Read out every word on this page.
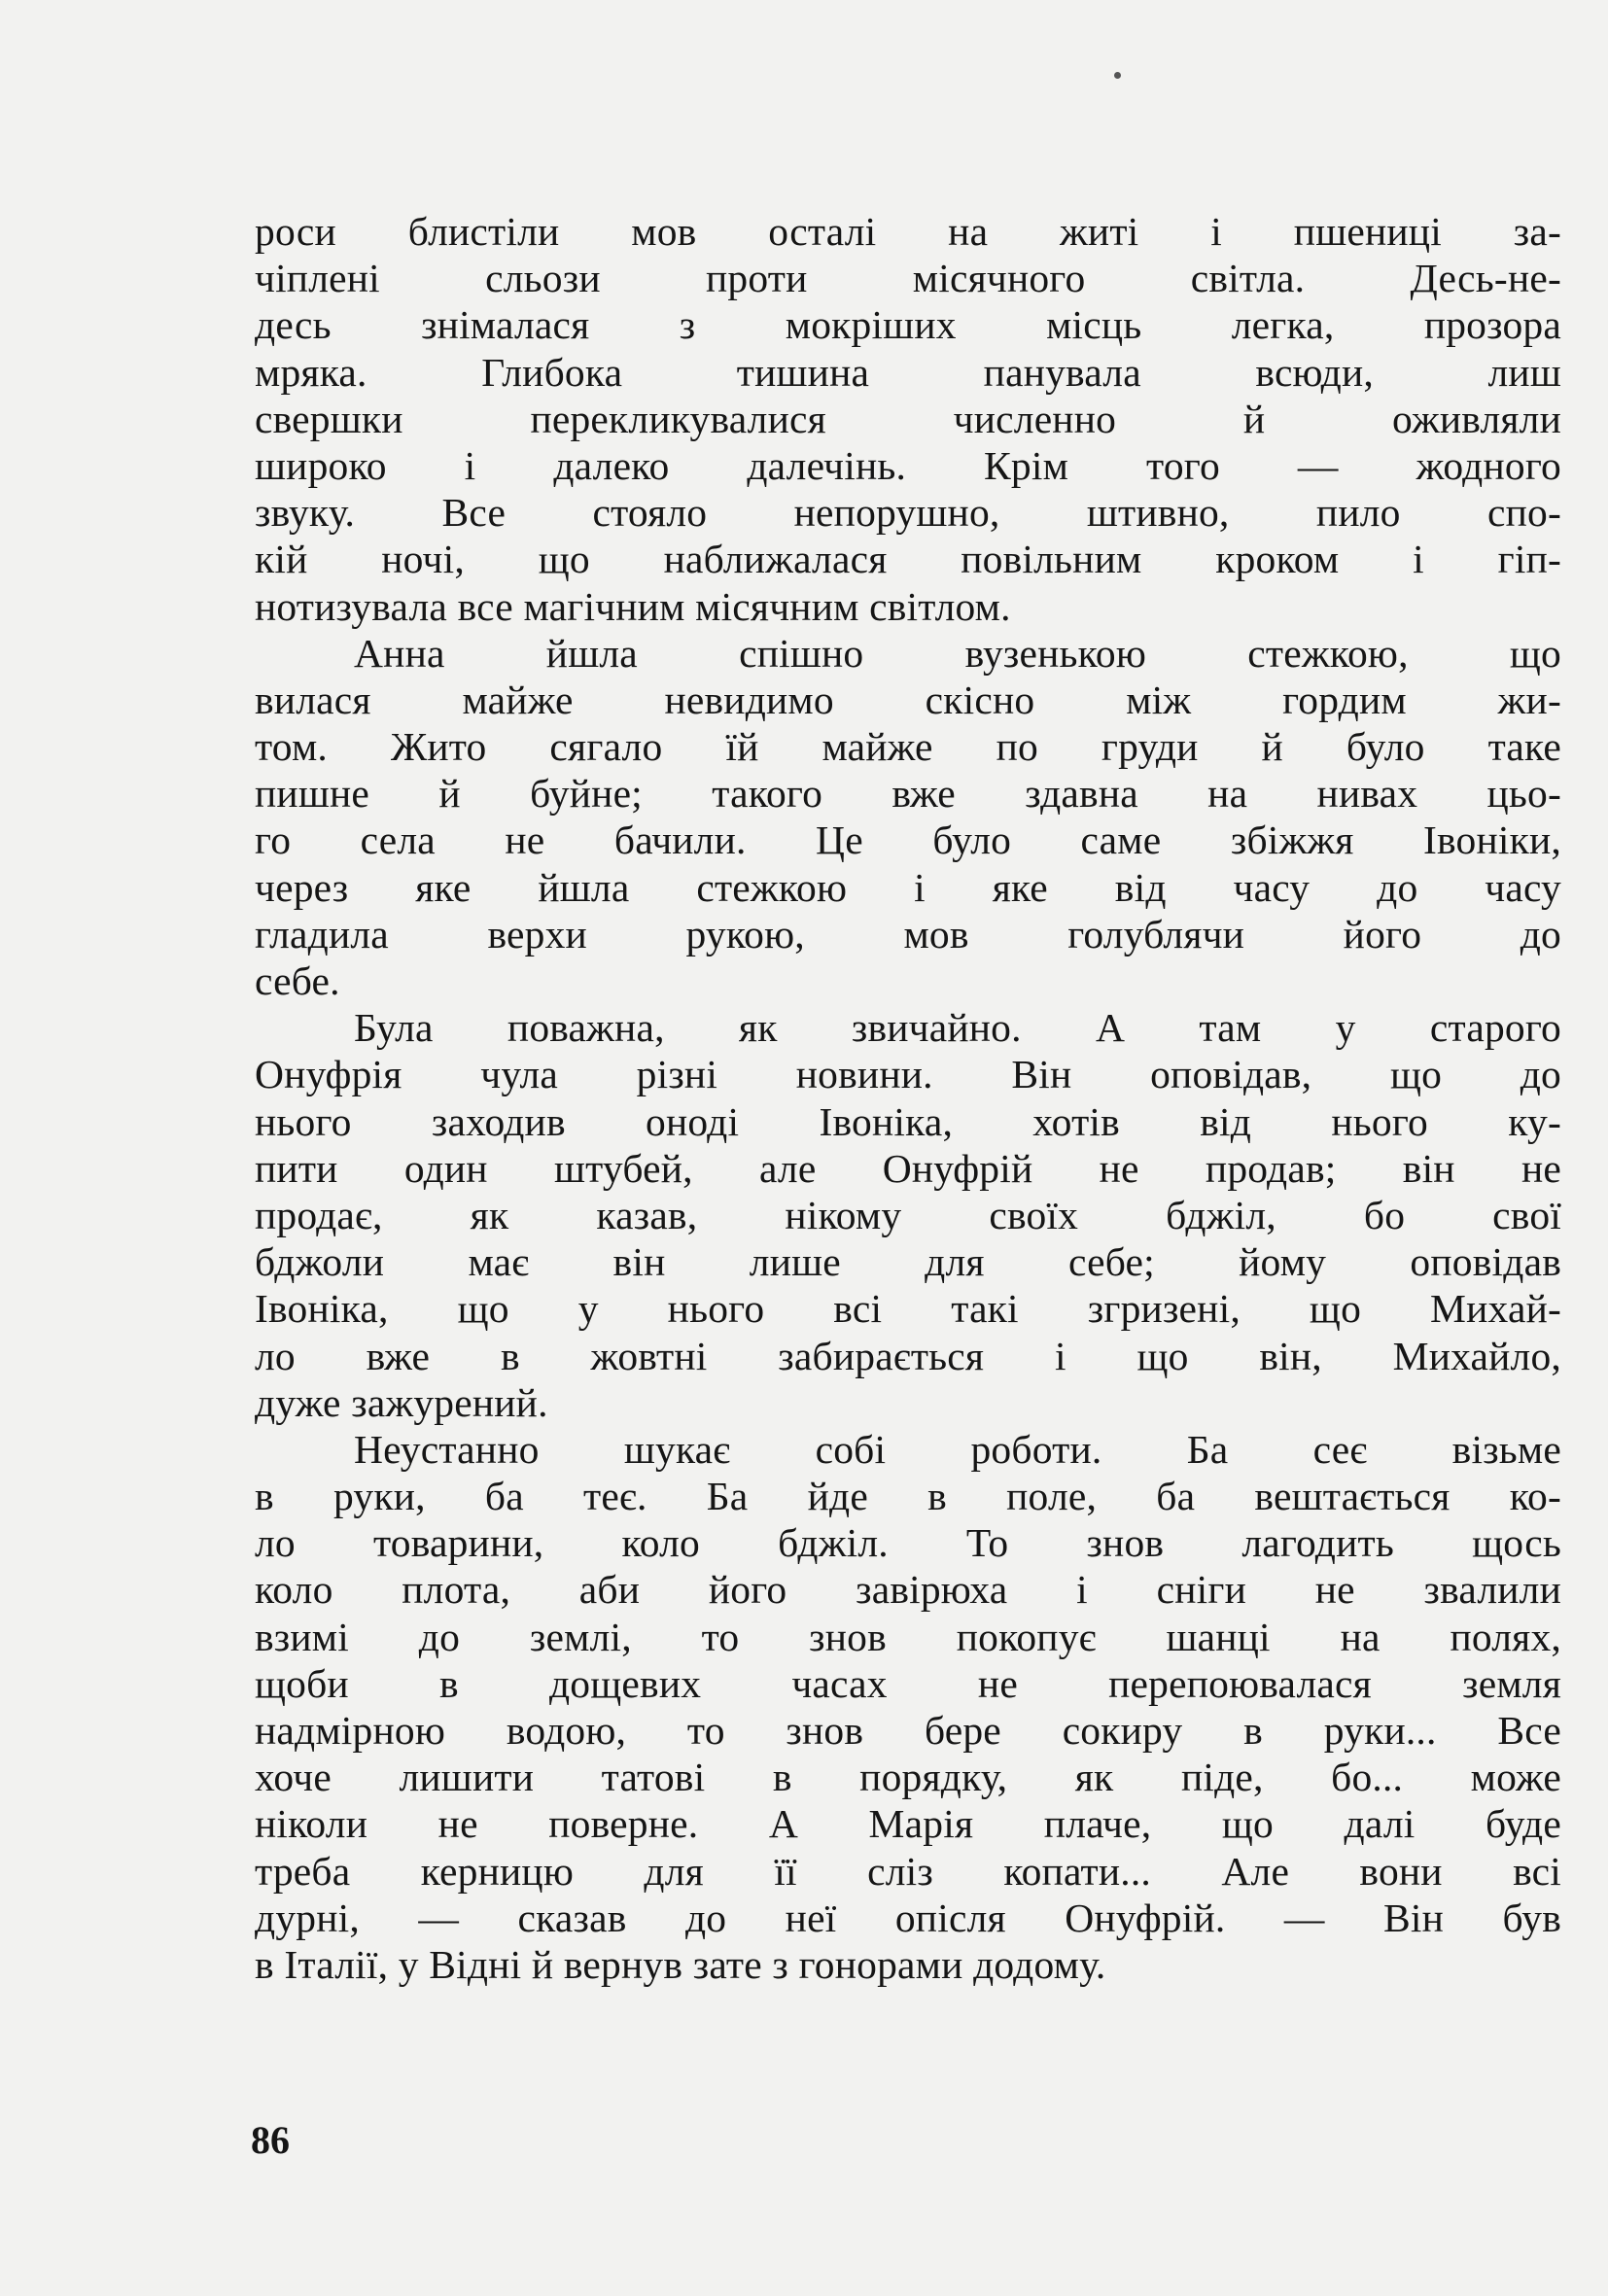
роси блистіли мов осталі на житі і пшениці за-
чіплені сльози проти місячного світла. Десь-не-
десь знімалася з мокріших місць легка, прозора
мряка. Глибока тишина панувала всюди, лиш
свершки перекликувалися численно й оживляли
широко і далеко далечінь. Крім того — жодного
звуку. Все стояло непорушно, штивно, пило спо-
кій ночі, що наближалася повільним кроком і гіп-
нотизувала все магічним місячним світлом.
Анна йшла спішно вузенькою стежкою, що
вилася майже невидимо скісно між гордим жи-
том. Жито сягало їй майже по груди й було таке
пишне й буйне; такого вже здавна на нивах цьо-
го села не бачили. Це було саме збіжжя Івоніки,
через яке йшла стежкою і яке від часу до часу
гладила верхи рукою, мов голублячи його до
себе.
Була поважна, як звичайно. А там у старого
Онуфрія чула різні новини. Він оповідав, що до
нього заходив оноді Івоніка, хотів від нього ку-
пити один штубей, але Онуфрій не продав; він не
продає, як казав, нікому своїх бджіл, бо свої
бджоли має він лише для себе; йому оповідав
Івоніка, що у нього всі такі згризені, що Михай-
ло вже в жовтні забирається і що він, Михайло,
дуже зажурений.
Неустанно шукає собі роботи. Ба сеє візьме
в руки, ба теє. Ба йде в поле, ба вештається ко-
ло товарини, коло бджіл. То знов лагодить щось
коло плота, аби його завірюха і сніги не звалили
взимі до землі, то знов покопує шанці на полях,
щоби в дощевих часах не перепоювалася земля
надмірною водою, то знов бере сокиру в руки... Все
хоче лишити татові в порядку, як піде, бо... може
ніколи не поверне. А Марія плаче, що далі буде
треба керницю для її сліз копати... Але вони всі
дурні, — сказав до неї опісля Онуфрій. — Він був
в Італії, у Відні й вернув зате з гонорами додому.
86
